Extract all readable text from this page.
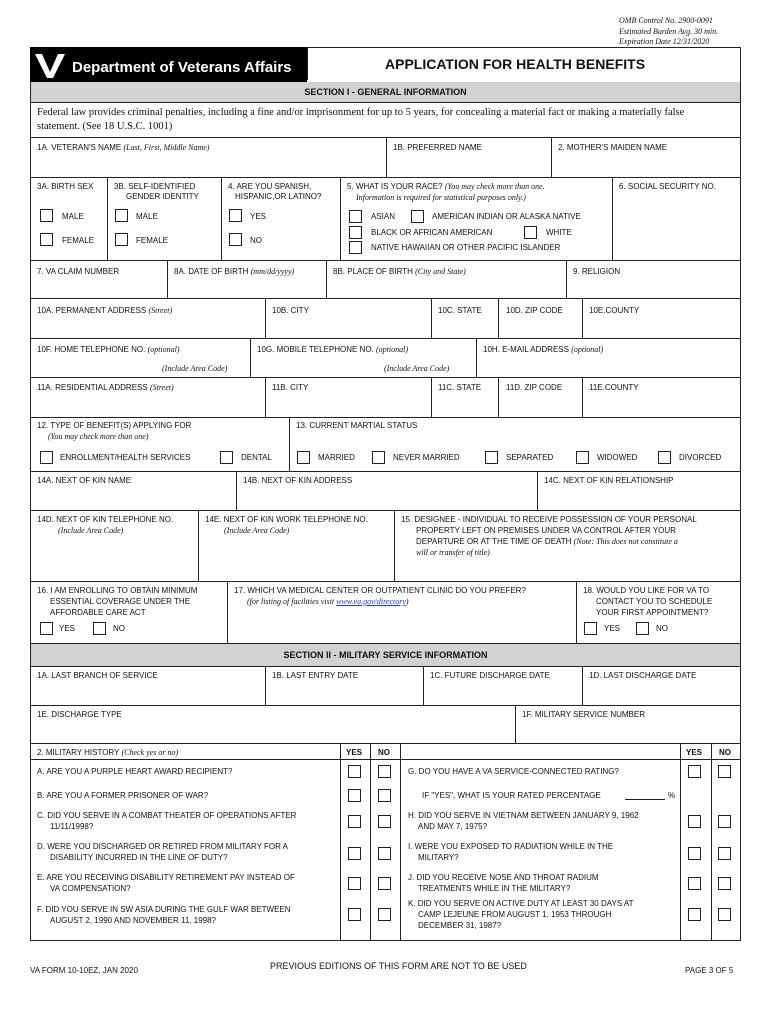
OMB Control No. 2900-0091
Estimated Burden Avg. 30 min.
Expiration Date 12/31/2020
Department of Veterans Affairs	APPLICATION FOR HEALTH BENEFITS
SECTION I - GENERAL INFORMATION
Federal law provides criminal penalties, including a fine and/or imprisonment for up to 5 years, for concealing a material fact or making a materially false statement. (See 18 U.S.C. 1001)
1A. VETERAN'S NAME (Last, First, Middle Name)	1B. PREFERRED NAME	2. MOTHER'S MAIDEN NAME
3A. BIRTH SEX
MALE
FEMALE
3B. SELF-IDENTIFIED
GENDER IDENTITY
MALE
FEMALE
4. ARE YOU SPANISH,
HISPANIC,OR LATINO?
YES
NO
5. WHAT IS YOUR RACE? (You may check more than one.
Information is required for statistical purposes only.)
ASIAN	AMERICAN INDIAN OR ALASKA NATIVE
BLACK OR AFRICAN AMERICAN	WHITE
NATIVE HAWAIIAN OR OTHER PACIFIC ISLANDER
6. SOCIAL SECURITY NO.
7. VA CLAIM NUMBER	8A. DATE OF BIRTH (mm/dd/yyyy)	8B. PLACE OF BIRTH (City and State)	9. RELIGION
10A. PERMANENT ADDRESS (Street)	10B. CITY	10C. STATE	10D. ZIP CODE	10E.COUNTY
10F. HOME TELEPHONE NO. (optional)
(Include Area Code)
10G. MOBILE TELEPHONE NO. (optional)
(Include Area Code)
10H. E-MAIL ADDRESS (optional)
11A. RESIDENTIAL ADDRESS (Street)	11B. CITY	11C. STATE	11D. ZIP CODE	11E.COUNTY
12. TYPE OF BENEFIT(S) APPLYING FOR
(You may check more than one)
ENROLLMENT/HEALTH SERVICES	DENTAL
13. CURRENT MARTIAL STATUS
MARRIED	NEVER MARRIED	SEPARATED	WIDOWED	DIVORCED
14A. NEXT OF KIN NAME	14B. NEXT OF KIN ADDRESS	14C. NEXT OF KIN RELATIONSHIP
14D. NEXT OF KIN TELEPHONE NO.
(Include Area Code)
14E. NEXT OF KIN WORK TELEPHONE NO.
(Include Area Code)
15. DESIGNEE - INDIVIDUAL TO RECEIVE POSSESSION OF YOUR PERSONAL
PROPERTY LEFT ON PREMISES UNDER VA CONTROL AFTER YOUR
DEPARTURE OR AT THE TIME OF DEATH (Note: This does not constitute a
will or transfer of title)
16. I AM ENROLLING TO OBTAIN MINIMUM
ESSENTIAL COVERAGE UNDER THE
AFFORDABLE CARE ACT
YES	NO
17. WHICH VA MEDICAL CENTER OR OUTPATIENT CLINIC DO YOU PREFER?
(for listing of facilities visit www.va.gov/directory)
18. WOULD YOU LIKE FOR VA TO
CONTACT YOU TO SCHEDULE
YOUR FIRST APPOINTMENT?
YES	NO
SECTION II - MILITARY SERVICE INFORMATION
1A. LAST BRANCH OF SERVICE	1B. LAST ENTRY DATE	1C. FUTURE DISCHARGE DATE	1D. LAST DISCHARGE DATE
1E. DISCHARGE TYPE	1F. MILITARY SERVICE NUMBER
2. MILITARY HISTORY (Check yes or no)	YES NO	YES NO
A. ARE YOU A PURPLE HEART AWARD RECIPIENT?
B. ARE YOU A FORMER PRISONER OF WAR?
C. DID YOU SERVE IN A COMBAT THEATER OF OPERATIONS AFTER
11/11/1998?
D. WERE YOU DISCHARGED OR RETIRED FROM MILITARY FOR A
DISABILITY INCURRED IN THE LINE OF DUTY?
E. ARE YOU RECEIVING DISABILITY RETIREMENT PAY INSTEAD OF
VA COMPENSATION?
F. DID YOU SERVE IN SW ASIA DURING THE GULF WAR BETWEEN
AUGUST 2, 1990 AND NOVEMBER 11, 1998?
G. DO YOU HAVE A VA SERVICE-CONNECTED RATING?
IF "YES", WHAT IS YOUR RATED PERCENTAGE	%
H. DID YOU SERVE IN VIETNAM BETWEEN JANUARY 9, 1962
AND MAY 7, 1975?
I. WERE YOU EXPOSED TO RADIATION WHILE IN THE
MILITARY?
J. DID YOU RECEIVE NOSE AND THROAT RADIUM
TREATMENTS WHILE IN THE MILITARY?
K. DID YOU SERVE ON ACTIVE DUTY AT LEAST 30 DAYS AT
CAMP LEJEUNE FROM AUGUST 1, 1953 THROUGH
DECEMBER 31, 1987?
VA FORM 10-10EZ, JAN 2020	PREVIOUS EDITIONS OF THIS FORM ARE NOT TO BE USED	PAGE 3 OF 5
